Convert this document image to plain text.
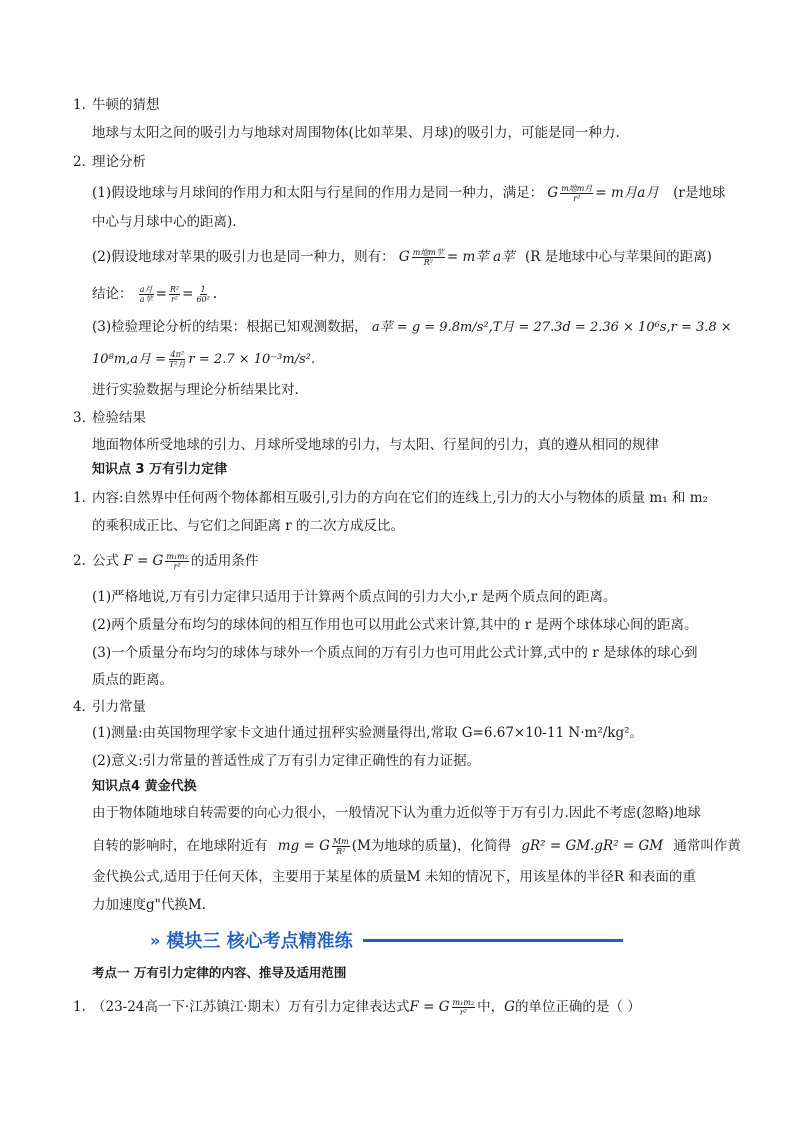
1．
牛顿的猜想
地球与太阳之间的吸引力与地球对周围物体(比如苹果、月球)的吸引力，可能是同一种力.
2．
理论分析
(1)假设地球与月球间的作用力和太阳与行星间的作用力是同一种力，满足： G $\frac{\text{m地m月}}{\text{r²}} = m$月a月 (r是地球
中心与月球中心的距离).
(2)假设地球对苹果的吸引力也是同一种力，则有： G $\frac{\text{m地m苹}}{\text{R²}} = m$苹 a苹 (R 是地球中心与苹果间的距离)
结论： $\frac{\text{a月}}{\text{a苹}} = \frac{\text{R²}}{\text{r²}} = \frac{1}{\text{60²}}$ .
(3)检验理论分析的结果：根据已知观测数据， a苹 = g = 9.8m/s²,T月 = 27.3d = 2.36 × 10⁶s,r = 3.8 ×
10⁸m,a月 = $\frac{\text{4π²}}{\text{T²月}}$ r = 2.7 × 10⁻³m/s².
进行实验数据与理论分析结果比对.
3．
检验结果
地面物体所受地球的引力、月球所受地球的引力，与太阳、行星间的引力，真的遵从相同的规律
知识点 3 万有引力定律
1．
内容:自然界中任何两个物体都相互吸引,引力的方向在它们的连线上,引力的大小与物体的质量 m₁ 和 m₂
的乘积成正比、与它们之间距离 r 的二次方成反比。
2．
公式 F = G $\frac{\text{m₁m₂}}{\text{r²}}$ 的适用条件
(1)严格地说,万有引力定律只适用于计算两个质点间的引力大小,r 是两个质点间的距离。
(2)两个质量分布均匀的球体间的相互作用也可以用此公式来计算,其中的 r 是两个球体球心间的距离。
(3)一个质量分布均匀的球体与球外一个质点间的万有引力也可用此公式计算,式中的 r 是球体的球心到
质点的距离。
4．
引力常量
(1)测量:由英国物理学家卡文迪什通过扭秤实验测量得出,常取 G=6.67×10-11 N·m²/kg²。
(2)意义:引力常量的普适性成了万有引力定律正确性的有力证据。
知识点4 黄金代换
由于物体随地球自转需要的向心力很小，一般情况下认为重力近似等于万有引力.因此不考虑(忽略)地球
自转的影响时，在地球附近有 mg = G $\frac{Mm}{\text{R²}} (M$为地球的质量)，化简得 gR² = GM.gR² = GM 通常叫作黄
金代换公式,适用于任何天体，主要用于某星体的质量M 未知的情况下，用该星体的半径R 和表面的重
力加速度g"代换M.
» 模块三 核心考点精准练
考点一 万有引力定律的内容、推导及适用范围
1．
（23-24高一下·江苏镇江·期末）万有引力定律表达式F = G $\frac{\text{m₁m₂}}{\text{r²}}$ 中，G的单位正确的是（ ）
